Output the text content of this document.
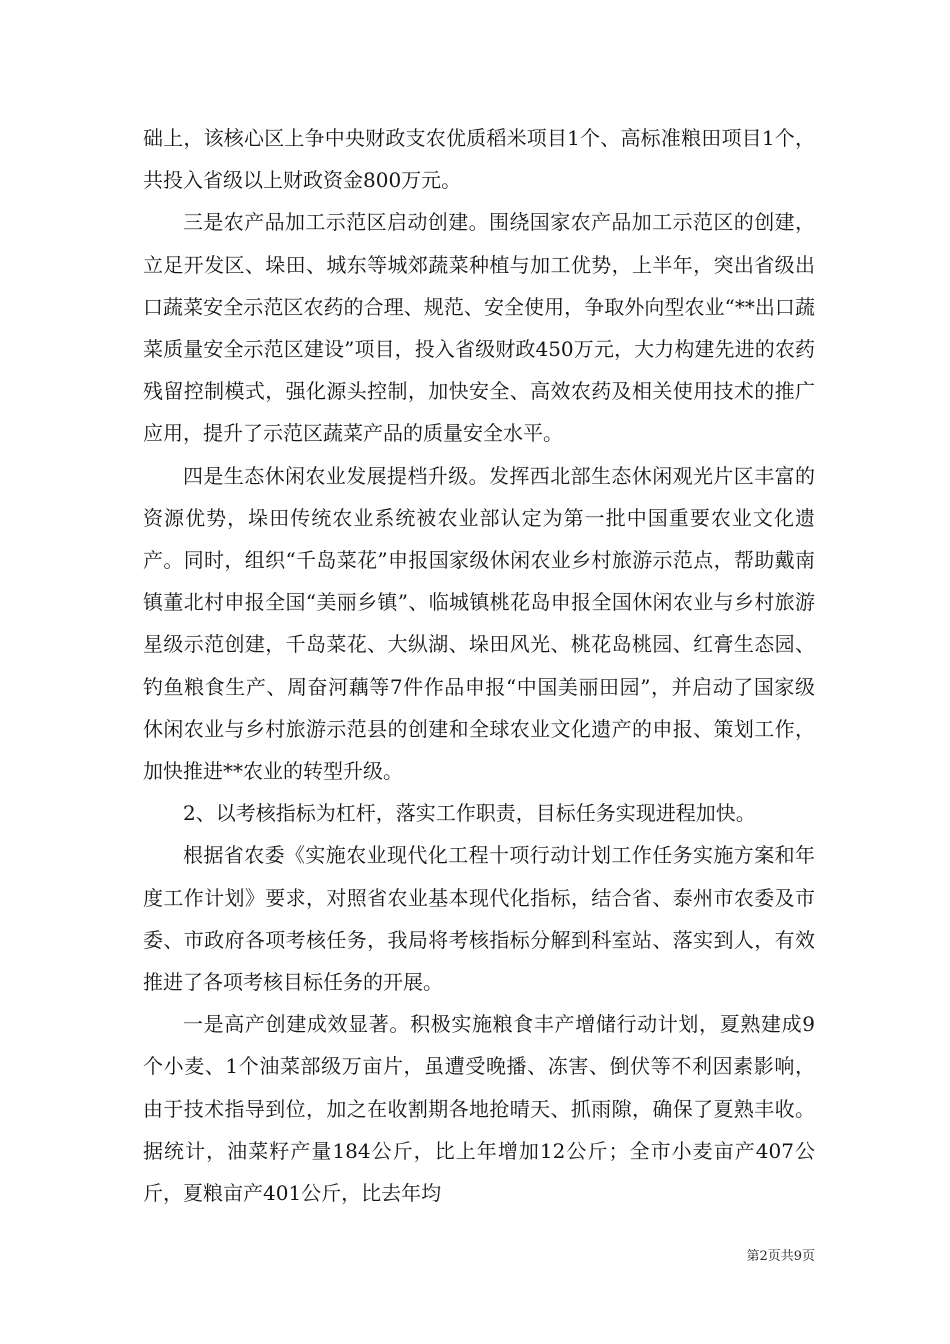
础上，该核心区上争中央财政支农优质稻米项目1个、高标准粮田项目1个，共投入省级以上财政资金800万元。

三是农产品加工示范区启动创建。围绕国家农产品加工示范区的创建，立足开发区、垛田、城东等城郊蔬菜种植与加工优势，上半年，突出省级出口蔬菜安全示范区农药的合理、规范、安全使用，争取外向型农业“**出口蔬菜质量安全示范区建设”项目，投入省级财政450万元，大力构建先进的农药残留控制模式，强化源头控制，加快安全、高效农药及相关使用技术的推广应用，提升了示范区蔬菜产品的质量安全水平。

四是生态休闲农业发展提档升级。发挥西北部生态休闲观光片区丰富的资源优势，垛田传统农业系统被农业部认定为第一批中国重要农业文化遗产。同时，组织“千岛菜花”申报国家级休闲农业乡村旅游示范点，帮助戴南镇董北村申报全国“美丽乡镇”、临城镇桃花岛申报全国休闲农业与乡村旅游星级示范创建，千岛菜花、大纵湖、垛田风光、桃花岛桃园、红膏生态园、钓鱼粮食生产、周奋河藕等7件作品申报“中国美丽田园”，并启动了国家级休闲农业与乡村旅游示范县的创建和全球农业文化遗产的申报、策划工作，加快推进**农业的转型升级。

2、以考核指标为杠杆，落实工作职责，目标任务实现进程加快。

根据省农委《实施农业现代化工程十项行动计划工作任务实施方案和年度工作计划》要求，对照省农业基本现代化指标，结合省、泰州市农委及市委、市政府各项考核任务，我局将考核指标分解到科室站、落实到人，有效推进了各项考核目标任务的开展。

一是高产创建成效显著。积极实施粮食丰产增储行动计划，夏熟建成9个小麦、1个油菜部级万亩片，虽遭受晚播、冻害、倒伏等不利因素影响，由于技术指导到位，加之在收割期各地抢晴天、抓雨隙，确保了夏熟丰收。据统计，油菜籽产量184公斤，比上年增加12公斤；全市小麦亩产407公斤，夏粮亩产401公斤，比去年均

第2页共9页
